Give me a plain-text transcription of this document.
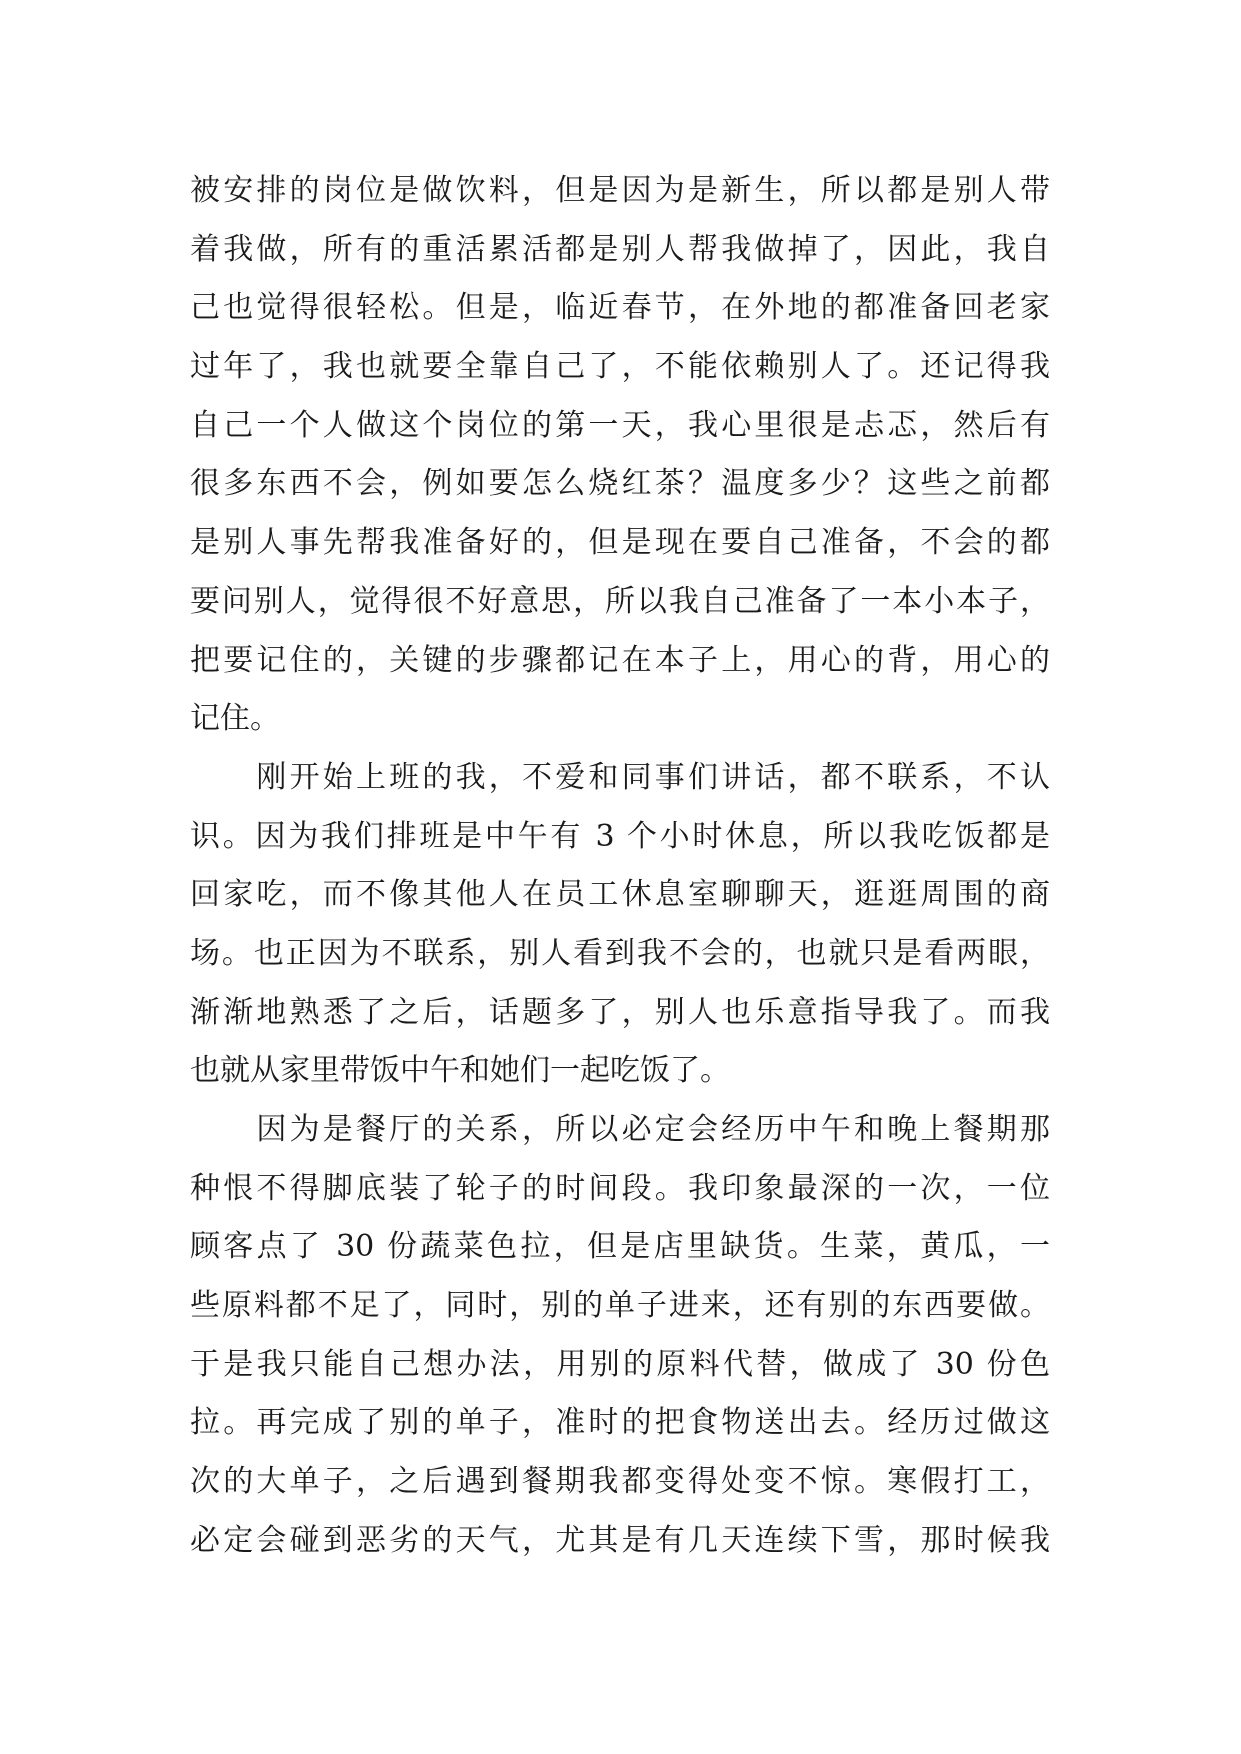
被安排的岗位是做饮料，但是因为是新生，所以都是别人带
着我做，所有的重活累活都是别人帮我做掉了，因此，我自
己也觉得很轻松。但是，临近春节，在外地的都准备回老家
过年了，我也就要全靠自己了，不能依赖别人了。还记得我
自己一个人做这个岗位的第一天，我心里很是忐忑，然后有
很多东西不会，例如要怎么烧红茶？温度多少？这些之前都
是别人事先帮我准备好的，但是现在要自己准备，不会的都
要问别人，觉得很不好意思，所以我自己准备了一本小本子，
把要记住的，关键的步骤都记在本子上，用心的背，用心的
记住。
　　刚开始上班的我，不爱和同事们讲话，都不联系，不认
识。因为我们排班是中午有 3 个小时休息，所以我吃饭都是
回家吃，而不像其他人在员工休息室聊聊天，逛逛周围的商
场。也正因为不联系，别人看到我不会的，也就只是看两眼，
渐渐地熟悉了之后，话题多了，别人也乐意指导我了。而我
也就从家里带饭中午和她们一起吃饭了。
　　因为是餐厅的关系，所以必定会经历中午和晚上餐期那
种恨不得脚底装了轮子的时间段。我印象最深的一次，一位
顾客点了 30 份蔬菜色拉，但是店里缺货。生菜，黄瓜，一
些原料都不足了，同时，别的单子进来，还有别的东西要做。
于是我只能自己想办法，用别的原料代替，做成了 30 份色
拉。再完成了别的单子，准时的把食物送出去。经历过做这
次的大单子，之后遇到餐期我都变得处变不惊。寒假打工，
必定会碰到恶劣的天气，尤其是有几天连续下雪，那时候我
